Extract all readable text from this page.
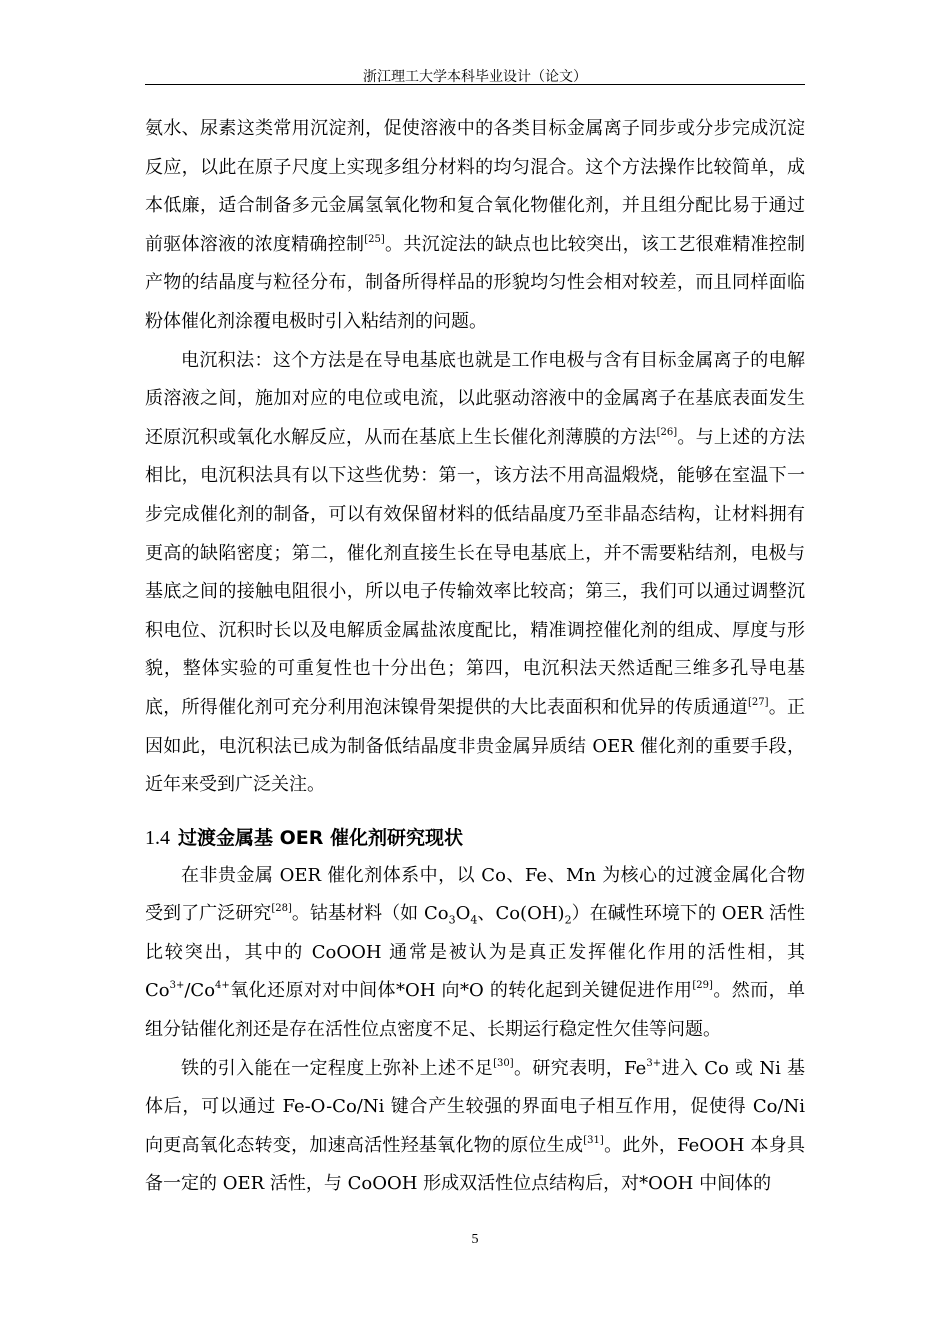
浙江理工大学本科毕业设计（论文）

氨水、尿素这类常用沉淀剂，促使溶液中的各类目标金属离子同步或分步完成沉淀反应，以此在原子尺度上实现多组分材料的均匀混合。这个方法操作比较简单，成本低廉，适合制备多元金属氢氧化物和复合氧化物催化剂，并且组分配比易于通过前驱体溶液的浓度精确控制[25]。共沉淀法的缺点也比较突出，该工艺很难精准控制产物的结晶度与粒径分布，制备所得样品的形貌均匀性会相对较差，而且同样面临粉体催化剂涂覆电极时引入粘结剂的问题。

电沉积法：这个方法是在导电基底也就是工作电极与含有目标金属离子的电解质溶液之间，施加对应的电位或电流，以此驱动溶液中的金属离子在基底表面发生还原沉积或氧化水解反应，从而在基底上生长催化剂薄膜的方法[26]。与上述的方法相比，电沉积法具有以下这些优势：第一，该方法不用高温煅烧，能够在室温下一步完成催化剂的制备，可以有效保留材料的低结晶度乃至非晶态结构，让材料拥有更高的缺陷密度；第二，催化剂直接生长在导电基底上，并不需要粘结剂，电极与基底之间的接触电阻很小，所以电子传输效率比较高；第三，我们可以通过调整沉积电位、沉积时长以及电解质金属盐浓度配比，精准调控催化剂的组成、厚度与形貌，整体实验的可重复性也十分出色；第四，电沉积法天然适配三维多孔导电基底，所得催化剂可充分利用泡沫镍骨架提供的大比表面积和优异的传质通道[27]。正因如此，电沉积法已成为制备低结晶度非贵金属异质结 OER 催化剂的重要手段，近年来受到广泛关注。

1.4 过渡金属基 OER 催化剂研究现状

在非贵金属 OER 催化剂体系中，以 Co、Fe、Mn 为核心的过渡金属化合物受到了广泛研究[28]。钴基材料（如 $Co_3O_4$、$Co(OH)_2$）在碱性环境下的 OER 活性比较突出，其中的 CoOOH 通常是被认为是真正发挥催化作用的活性相，其 $Co^{3+}/Co^{4+}$氧化还原对对中间体*OH 向*O 的转化起到关键促进作用[29]。然而，单组分钴催化剂还是存在活性位点密度不足、长期运行稳定性欠佳等问题。

铁的引入能在一定程度上弥补上述不足[30]。研究表明，$Fe^{3+}$进入 Co 或 Ni 基体后，可以通过 Fe-O-Co/Ni 键合产生较强的界面电子相互作用，促使得 Co/Ni 向更高氧化态转变，加速高活性羟基氧化物的原位生成[31]。此外，FeOOH 本身具备一定的 OER 活性，与 CoOOH 形成双活性位点结构后，对*OOH 中间体的

5
